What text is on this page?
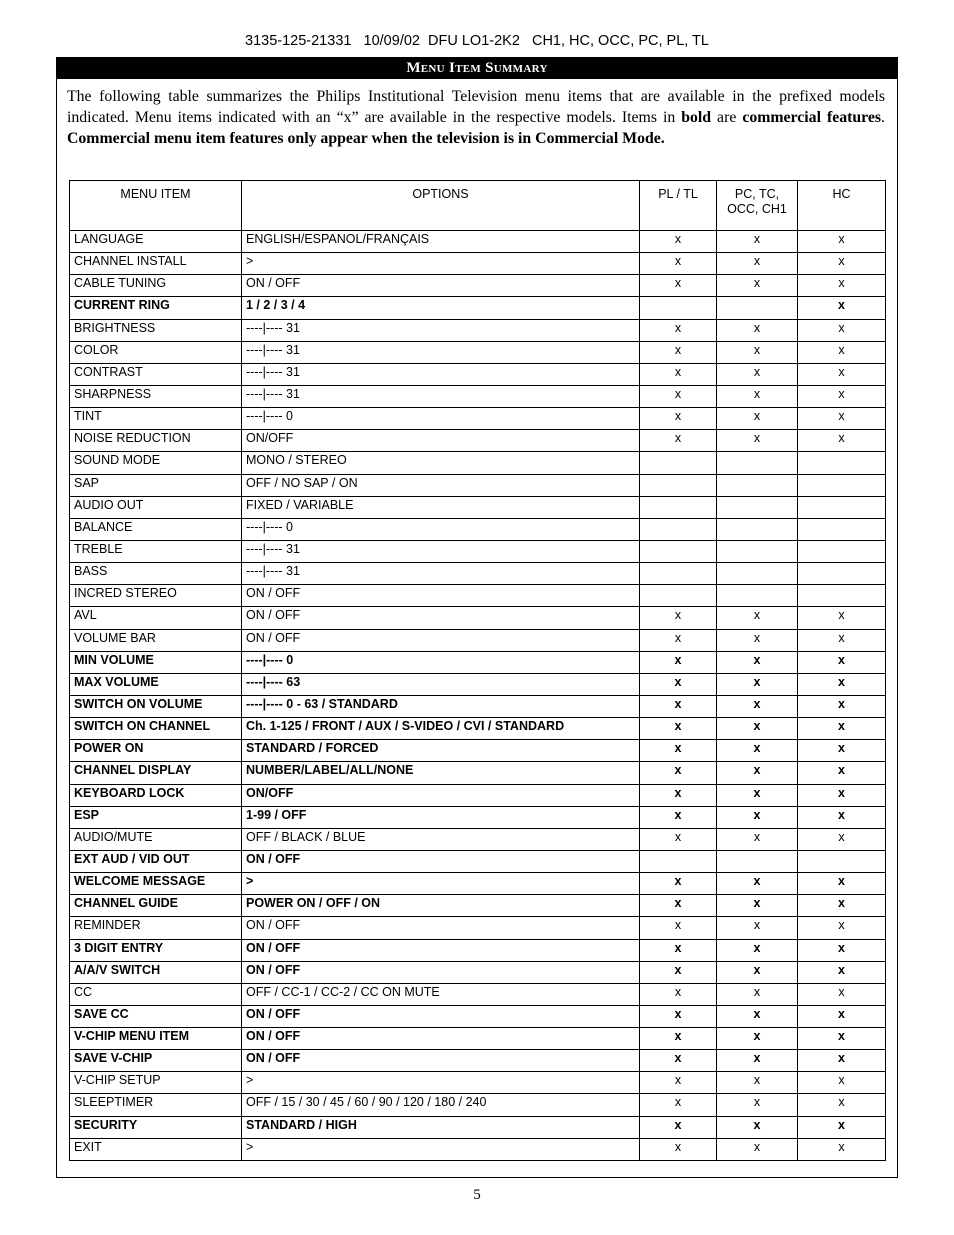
3135-125-21331   10/09/02  DFU LO1-2K2   CH1, HC, OCC, PC, PL, TL
Menu Item Summary
The following table summarizes the Philips Institutional Television menu items that are available in the prefixed models indicated. Menu items indicated with an “x” are available in the respective models. Items in bold are commercial features. Commercial menu item features only appear when the television is in Commercial Mode.
MENU ITEM	OPTIONS	PL / TL	PC, TC, OCC, CH1	HC
LANGUAGE	ENGLISH/ESPANOL/FRANÇAIS	x	x	x
CHANNEL INSTALL	>	x	x	x
CABLE TUNING	ON / OFF	x	x	x
CURRENT RING	1 / 2 / 3 / 4			x
BRIGHTNESS	----|---- 31	x	x	x
COLOR	----|---- 31	x	x	x
CONTRAST	----|---- 31	x	x	x
SHARPNESS	----|---- 31	x	x	x
TINT	----|---- 0	x	x	x
NOISE REDUCTION	ON/OFF	x	x	x
SOUND MODE	MONO / STEREO			
SAP	OFF / NO SAP / ON			
AUDIO OUT	FIXED / VARIABLE			
BALANCE	----|---- 0			
TREBLE	----|---- 31			
BASS	----|---- 31			
INCRED STEREO	ON / OFF			
AVL	ON / OFF	x	x	x
VOLUME BAR	ON / OFF	x	x	x
MIN VOLUME	----|---- 0	x	x	x
MAX VOLUME	----|---- 63	x	x	x
SWITCH ON VOLUME	----|---- 0 - 63 / STANDARD	x	x	x
SWITCH ON CHANNEL	Ch. 1-125 / FRONT / AUX / S-VIDEO / CVI / STANDARD	x	x	x
POWER ON	STANDARD / FORCED	x	x	x
CHANNEL DISPLAY	NUMBER/LABEL/ALL/NONE	x	x	x
KEYBOARD LOCK	ON/OFF	x	x	x
ESP	1-99 / OFF	x	x	x
AUDIO/MUTE	OFF / BLACK / BLUE	x	x	x
EXT AUD / VID OUT	ON / OFF			
WELCOME MESSAGE	>	x	x	x
CHANNEL GUIDE	POWER ON / OFF / ON	x	x	x
REMINDER	ON / OFF	x	x	x
3 DIGIT ENTRY	ON / OFF	x	x	x
A/A/V SWITCH	ON / OFF	x	x	x
CC	OFF / CC-1 / CC-2 / CC ON MUTE	x	x	x
SAVE CC	ON / OFF	x	x	x
V-CHIP MENU ITEM	ON / OFF	x	x	x
SAVE V-CHIP	ON / OFF	x	x	x
V-CHIP SETUP	>	x	x	x
SLEEPTIMER	OFF / 15 / 30 / 45 / 60 / 90 / 120 / 180 / 240	x	x	x
SECURITY	STANDARD / HIGH	x	x	x
EXIT	>	x	x	x
5
